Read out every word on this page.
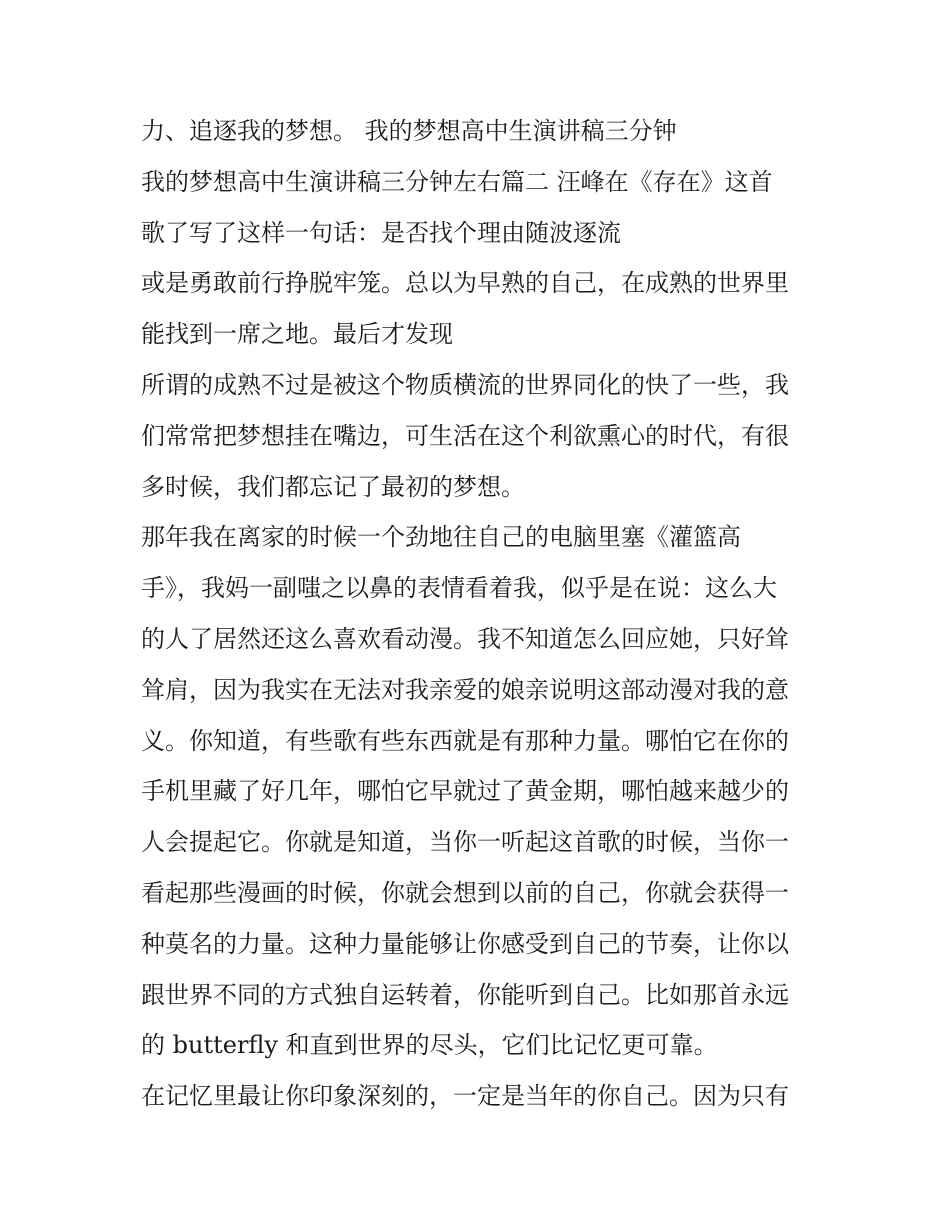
力、追逐我的梦想。 我的梦想高中生演讲稿三分钟
我的梦想高中生演讲稿三分钟左右篇二 汪峰在《存在》这首
歌了写了这样一句话：是否找个理由随波逐流
或是勇敢前行挣脱牢笼。总以为早熟的自己，在成熟的世界里
能找到一席之地。最后才发现
所谓的成熟不过是被这个物质横流的世界同化的快了一些，我
们常常把梦想挂在嘴边，可生活在这个利欲熏心的时代，有很
多时候，我们都忘记了最初的梦想。
那年我在离家的时候一个劲地往自己的电脑里塞《灌篮高
手》，我妈一副嗤之以鼻的表情看着我，似乎是在说：这么大
的人了居然还这么喜欢看动漫。我不知道怎么回应她，只好耸
耸肩，因为我实在无法对我亲爱的娘亲说明这部动漫对我的意
义。你知道，有些歌有些东西就是有那种力量。哪怕它在你的
手机里藏了好几年，哪怕它早就过了黄金期，哪怕越来越少的
人会提起它。你就是知道，当你一听起这首歌的时候，当你一
看起那些漫画的时候，你就会想到以前的自己，你就会获得一
种莫名的力量。这种力量能够让你感受到自己的节奏，让你以
跟世界不同的方式独自运转着，你能听到自己。比如那首永远
的 butterfly 和直到世界的尽头，它们比记忆更可靠。
在记忆里最让你印象深刻的，一定是当年的你自己。因为只有
